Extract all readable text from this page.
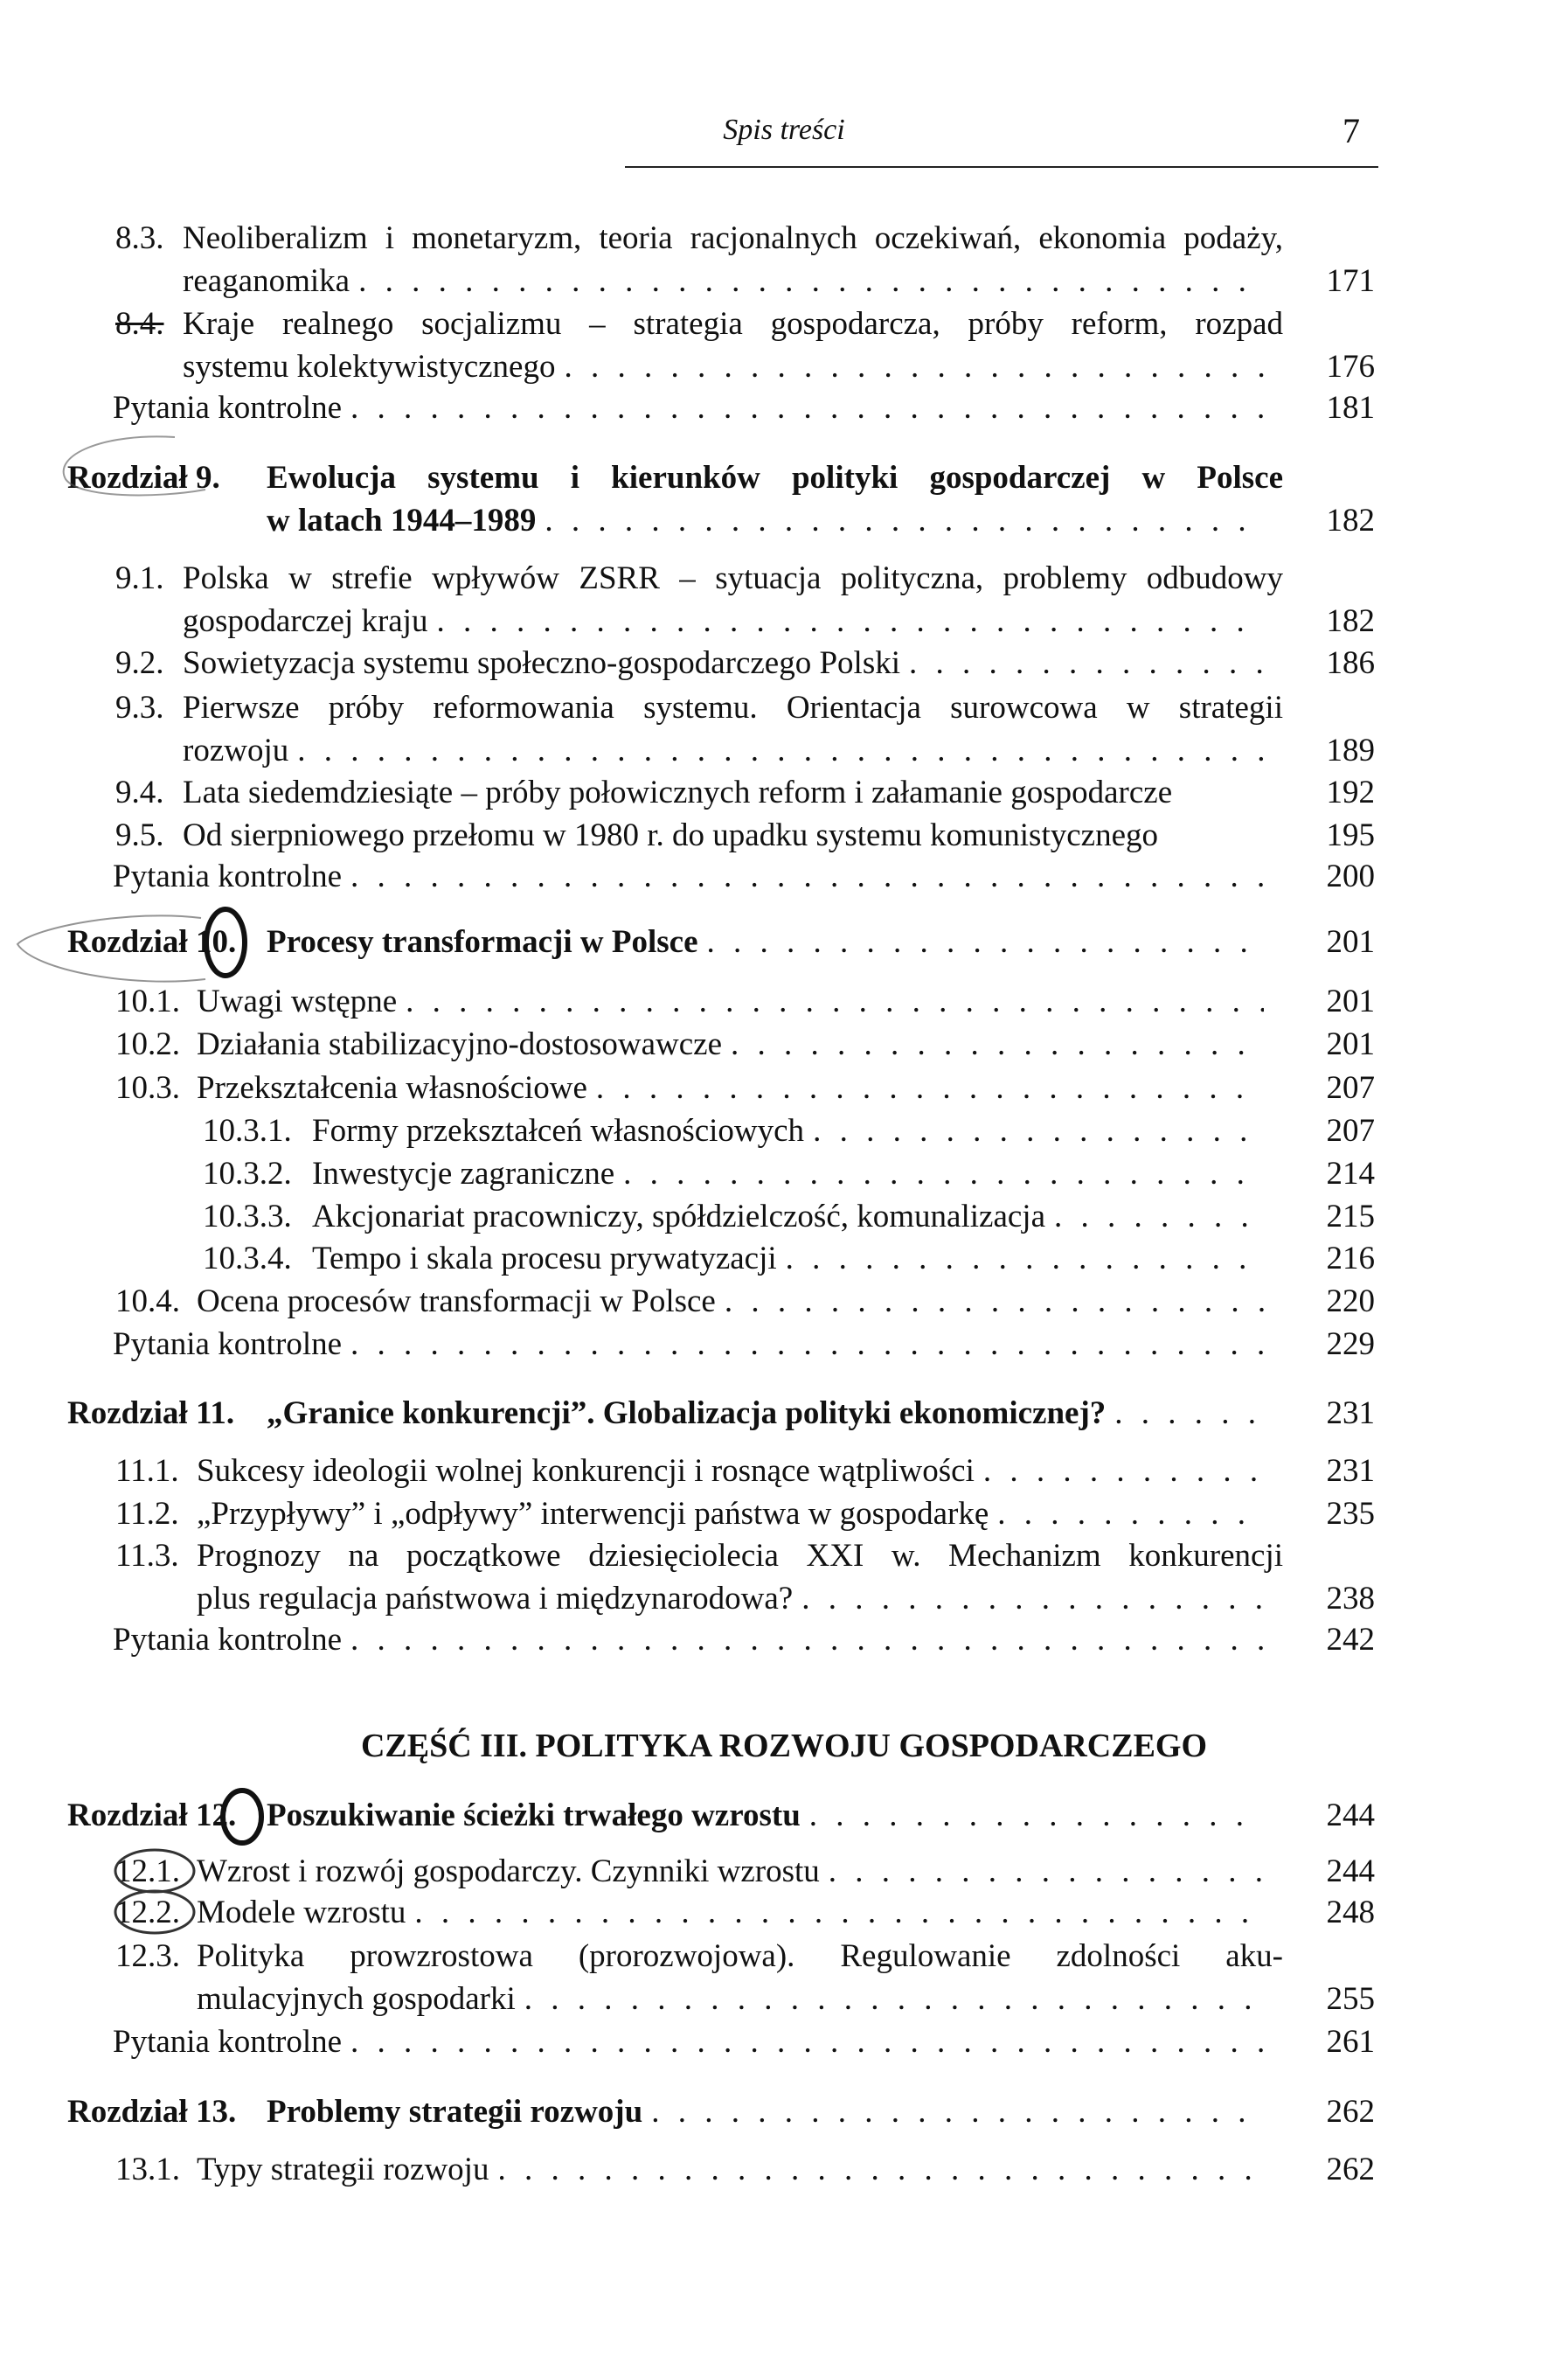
Spis treści	7
8.3. Neoliberalizm i monetaryzm, teoria racjonalnych oczekiwań, ekonomia podaży,
reaganomika . . .	171
8.4. Kraje realnego socjalizmu – strategia gospodarcza, próby reform, rozpad
systemu kolektywistycznego . . .	176
Pytania kontrolne . . .	181
Rozdział 9. Ewolucja systemu i kierunków polityki gospodarczej w Polsce
w latach 1944–1989 . . .	182
9.1. Polska w strefie wpływów ZSRR – sytuacja polityczna, problemy odbudowy
gospodarczej kraju . . .	182
9.2. Sowietyzacja systemu społeczno-gospodarczego Polski . . .	186
9.3. Pierwsze próby reformowania systemu. Orientacja surowcowa w strategii
rozwoju . . .	189
9.4. Lata siedemdziesiąte – próby połowicznych reform i załamanie gospodarcze	192
9.5. Od sierpniowego przełomu w 1980 r. do upadku systemu komunistycznego	195
Pytania kontrolne . . .	200
Rozdział 10. Procesy transformacji w Polsce . . .	201
10.1. Uwagi wstępne . . .	201
10.2. Działania stabilizacyjno-dostosowawcze . . .	201
10.3. Przekształcenia własnościowe . . .	207
10.3.1. Formy przekształceń własnościowych . . .	207
10.3.2. Inwestycje zagraniczne . . .	214
10.3.3. Akcjonariat pracowniczy, spółdzielczość, komunalizacja . . .	215
10.3.4. Tempo i skala procesu prywatyzacji . . .	216
10.4. Ocena procesów transformacji w Polsce . . .	220
Pytania kontrolne . . .	229
Rozdział 11. „Granice konkurencji”. Globalizacja polityki ekonomicznej? . . .	231
11.1. Sukcesy ideologii wolnej konkurencji i rosnące wątpliwości . . .	231
11.2. „Przypływy” i „odpływy” interwencji państwa w gospodarkę . . .	235
11.3. Prognozy na początkowe dziesięciolecia XXI w. Mechanizm konkurencji
plus regulacja państwowa i międzynarodowa? . . .	238
Pytania kontrolne . . .	242
Rozdział 12. Poszukiwanie ścieżki trwałego wzrostu . . .	244
12.1. Wzrost i rozwój gospodarczy. Czynniki wzrostu . . .	244
12.2. Modele wzrostu . . .	248
12.3. Polityka prowzrostowa (prorozwojowa). Regulowanie zdolności aku-
mulacyjnych gospodarki . . .	255
Pytania kontrolne . . .	261
Rozdział 13. Problemy strategii rozwoju . . .	262
13.1. Typy strategii rozwoju . . .	262
CZĘŚĆ III. POLITYKA ROZWOJU GOSPODARCZEGO
